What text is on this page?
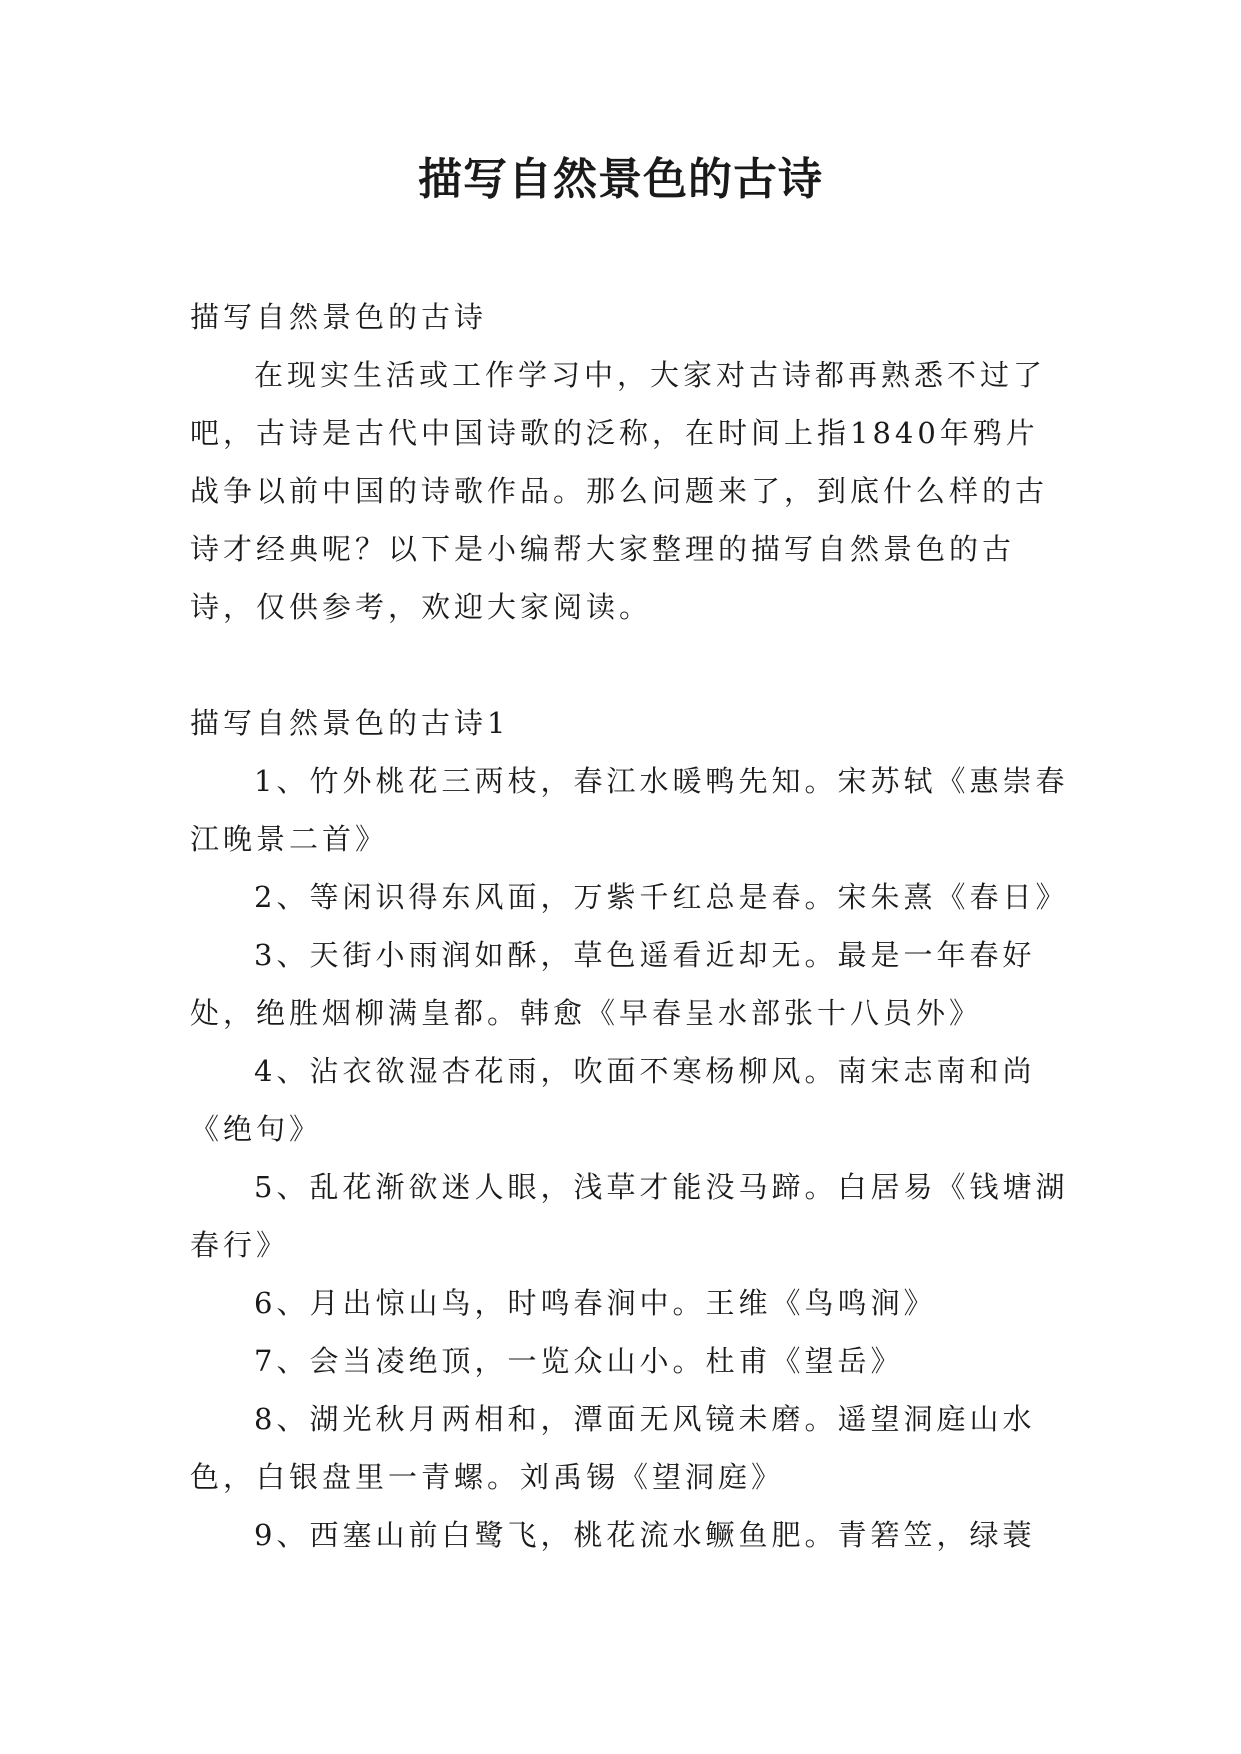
描写自然景色的古诗

描写自然景色的古诗

在现实生活或工作学习中，大家对古诗都再熟悉不过了吧，古诗是古代中国诗歌的泛称，在时间上指1840年鸦片战争以前中国的诗歌作品。那么问题来了，到底什么样的古诗才经典呢？以下是小编帮大家整理的描写自然景色的古诗，仅供参考，欢迎大家阅读。

描写自然景色的古诗1

1、竹外桃花三两枝，春江水暖鸭先知。宋苏轼《惠崇春江晚景二首》

2、等闲识得东风面，万紫千红总是春。宋朱熹《春日》

3、天街小雨润如酥，草色遥看近却无。最是一年春好处，绝胜烟柳满皇都。韩愈《早春呈水部张十八员外》

4、沾衣欲湿杏花雨，吹面不寒杨柳风。南宋志南和尚《绝句》

5、乱花渐欲迷人眼，浅草才能没马蹄。白居易《钱塘湖春行》

6、月出惊山鸟，时鸣春涧中。王维《鸟鸣涧》

7、会当凌绝顶，一览众山小。杜甫《望岳》

8、湖光秋月两相和，潭面无风镜未磨。遥望洞庭山水色，白银盘里一青螺。刘禹锡《望洞庭》

9、西塞山前白鹭飞，桃花流水鳜鱼肥。青箬笠，绿蓑
